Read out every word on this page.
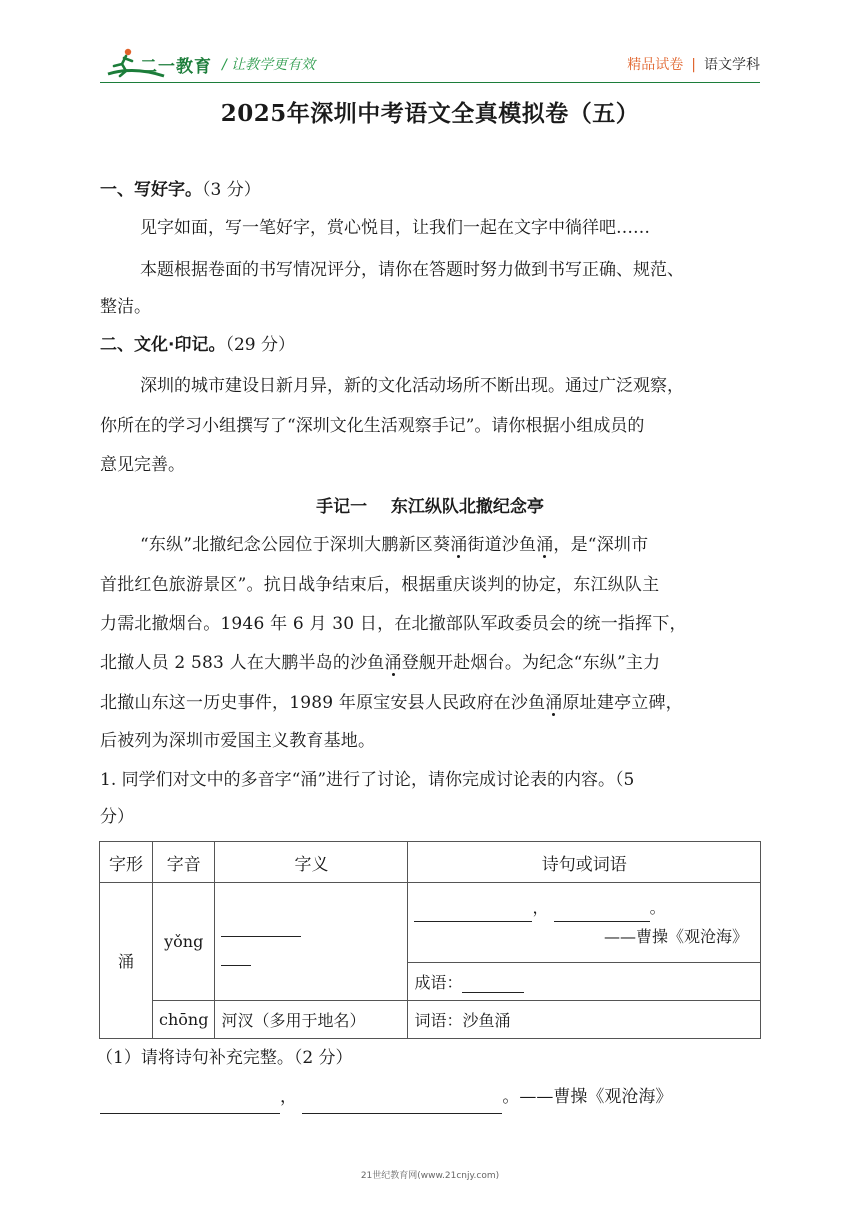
二一教育 / 让教学更有效	精品试卷 | 语文学科
2025年深圳中考语文全真模拟卷（五）
一、写好字。（3 分）
见字如面，写一笔好字，赏心悦目，让我们一起在文字中徜徉吧……
本题根据卷面的书写情况评分，请你在答题时努力做到书写正确、规范、
整洁。
二、文化·印记。（29 分）
深圳的城市建设日新月异，新的文化活动场所不断出现。通过广泛观察，
你所在的学习小组撰写了“深圳文化生活观察手记”。请你根据小组成员的
意见完善。
手记一 东江纵队北撤纪念亭
“东纵”北撤纪念公园位于深圳大鹏新区葵涌街道沙鱼涌，是“深圳市
首批红色旅游景区”。抗日战争结束后，根据重庆谈判的协定，东江纵队主
力需北撤烟台。1946 年 6 月 30 日，在北撤部队军政委员会的统一指挥下，
北撤人员 2 583 人在大鹏半岛的沙鱼涌登舰开赴烟台。为纪念“东纵”主力
北撤山东这一历史事件，1989 年原宝安县人民政府在沙鱼涌原址建亭立碑，
后被列为深圳市爱国主义教育基地。
1. 同学们对文中的多音字“涌”进行了讨论，请你完成讨论表的内容。（5
分）
字形	字音	字义	诗句或词语
涌	yǒng		， 。
——曹操《观沧海》

			成语：
	chōng	河汊（多用于地名）	词语：沙鱼涌
（1）请将诗句补充完整。（2 分）
，	。——曹操《观沧海》
21世纪教育网(www.21cnjy.com)
